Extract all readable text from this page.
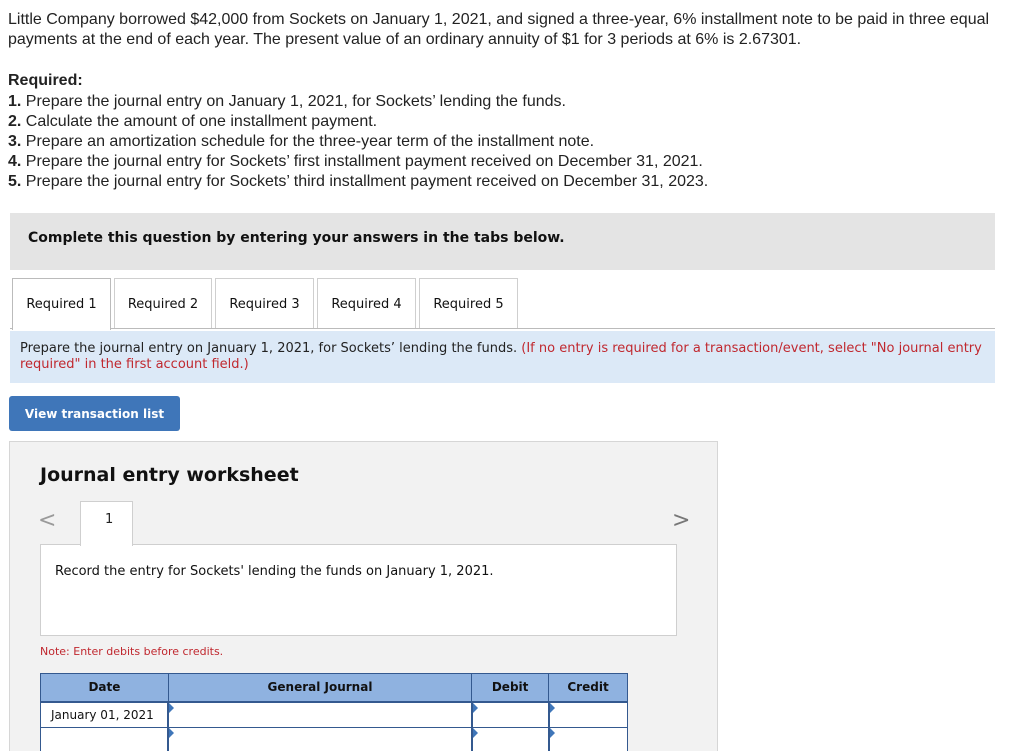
Little Company borrowed $42,000 from Sockets on January 1, 2021, and signed a three-year, 6% installment note to be paid in three equal payments at the end of each year. The present value of an ordinary annuity of $1 for 3 periods at 6% is 2.67301.
Required:
1. Prepare the journal entry on January 1, 2021, for Sockets’ lending the funds.
2. Calculate the amount of one installment payment.
3. Prepare an amortization schedule for the three-year term of the installment note.
4. Prepare the journal entry for Sockets’ first installment payment received on December 31, 2021.
5. Prepare the journal entry for Sockets’ third installment payment received on December 31, 2023.
Complete this question by entering your answers in the tabs below.
Required 1	Required 2	Required 3	Required 4	Required 5
Prepare the journal entry on January 1, 2021, for Sockets’ lending the funds. (If no entry is required for a transaction/event, select "No journal entry required" in the first account field.)
View transaction list
Journal entry worksheet
<	>
1
Record the entry for Sockets' lending the funds on January 1, 2021.
Note: Enter debits before credits.
Date	General Journal	Debit	Credit
January 01, 2021	
